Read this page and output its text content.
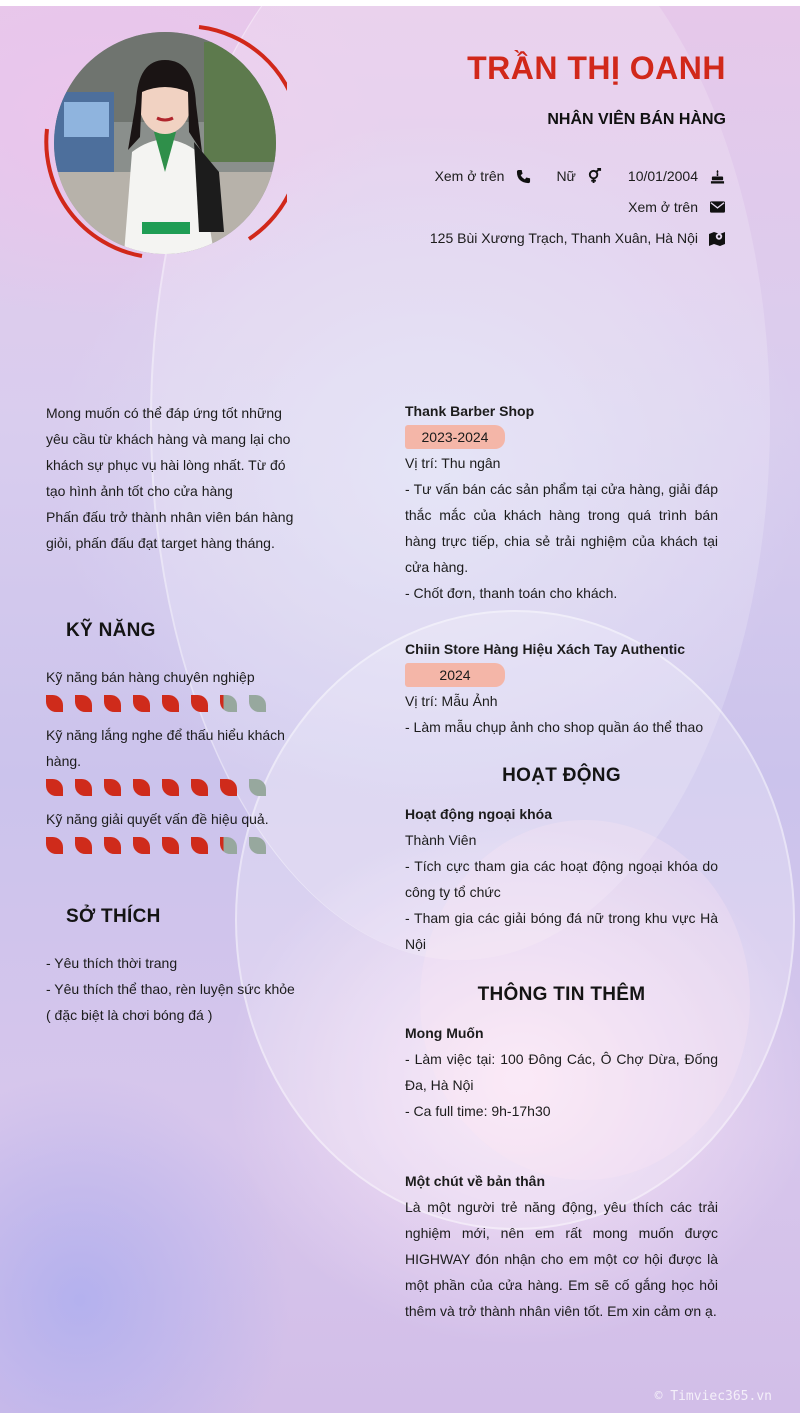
TRẦN THỊ OANH
NHÂN VIÊN BÁN HÀNG
Xem ở trên	Nữ	10/01/2004
Xem ở trên
125 Bùi Xương Trạch, Thanh Xuân, Hà Nội
Mong muốn có thể đáp ứng tốt những yêu cầu từ khách hàng và mang lại cho khách sự phục vụ hài lòng nhất. Từ đó tạo hình ảnh tốt cho cửa hàng
Phấn đấu trở thành nhân viên bán hàng giỏi, phấn đấu đạt target hàng tháng.
KỸ NĂNG
Kỹ năng bán hàng chuyên nghiệp
Kỹ năng lắng nghe để thấu hiểu khách hàng.
Kỹ năng giải quyết vấn đề hiệu quả.
SỞ THÍCH
- Yêu thích thời trang
- Yêu thích thể thao, rèn luyện sức khỏe ( đặc biệt là chơi bóng đá )
Thank Barber Shop
2023-2024
Vị trí: Thu ngân
- Tư vấn bán các sản phẩm tại cửa hàng, giải đáp thắc mắc của khách hàng trong quá trình bán hàng trực tiếp, chia sẻ trải nghiệm của khách tại cửa hàng.
- Chốt đơn, thanh toán cho khách.
Chiin Store Hàng Hiệu Xách Tay Authentic
2024
Vị trí: Mẫu Ảnh
- Làm mẫu chụp ảnh cho shop quần áo thể thao
HOẠT ĐỘNG
Hoạt động ngoại khóa
Thành Viên
- Tích cực tham gia các hoạt động ngoại khóa do công ty tổ chức
- Tham gia các giải bóng đá nữ trong khu vực Hà Nội
THÔNG TIN THÊM
Mong Muốn
- Làm việc tại: 100 Đông Các, Ô Chợ Dừa, Đống Đa, Hà Nội
- Ca full time: 9h-17h30
Một chút về bản thân
Là một người trẻ năng động, yêu thích các trải nghiệm mới, nên em rất mong muốn được HIGHWAY đón nhận cho em một cơ hội được là một phần của cửa hàng. Em sẽ cố gắng học hỏi thêm và trở thành nhân viên tốt. Em xin cảm ơn ạ.
© Timviec365.vn
